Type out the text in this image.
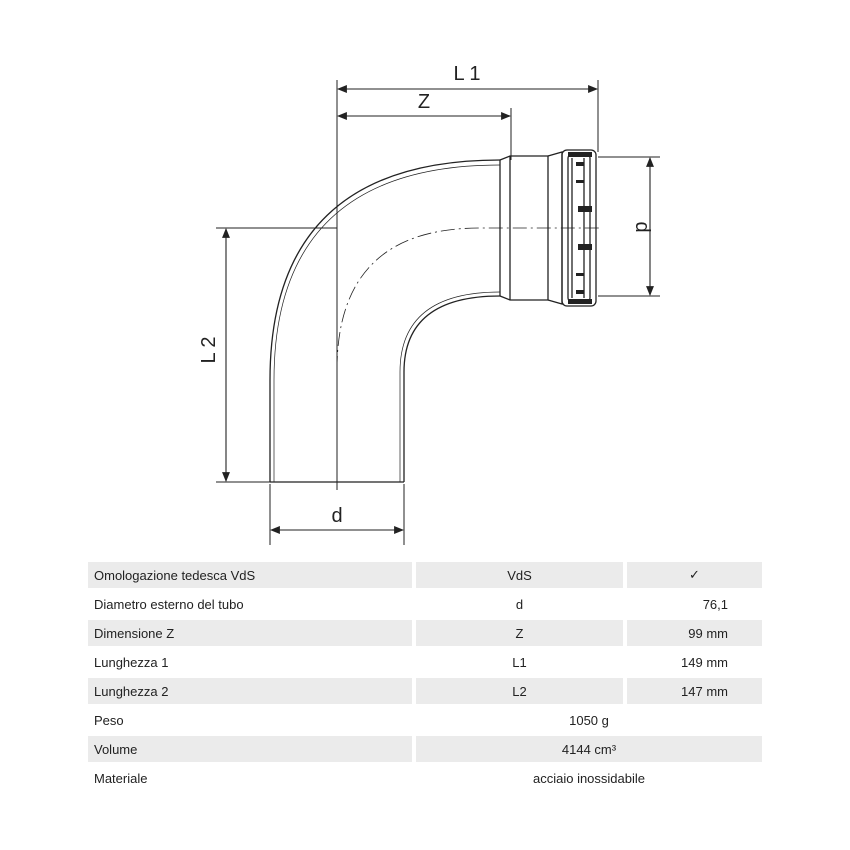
L 1
Z
L 2
d
d
Omologazione tedesca VdS	VdS	✓
Diametro esterno del tubo	d	76,1
Dimensione Z	Z	99 mm
Lunghezza 1	L1	149 mm
Lunghezza 2	L2	147 mm
Peso	1050 g	
Volume	4144 cm³	
Materiale	acciaio inossidabile	
